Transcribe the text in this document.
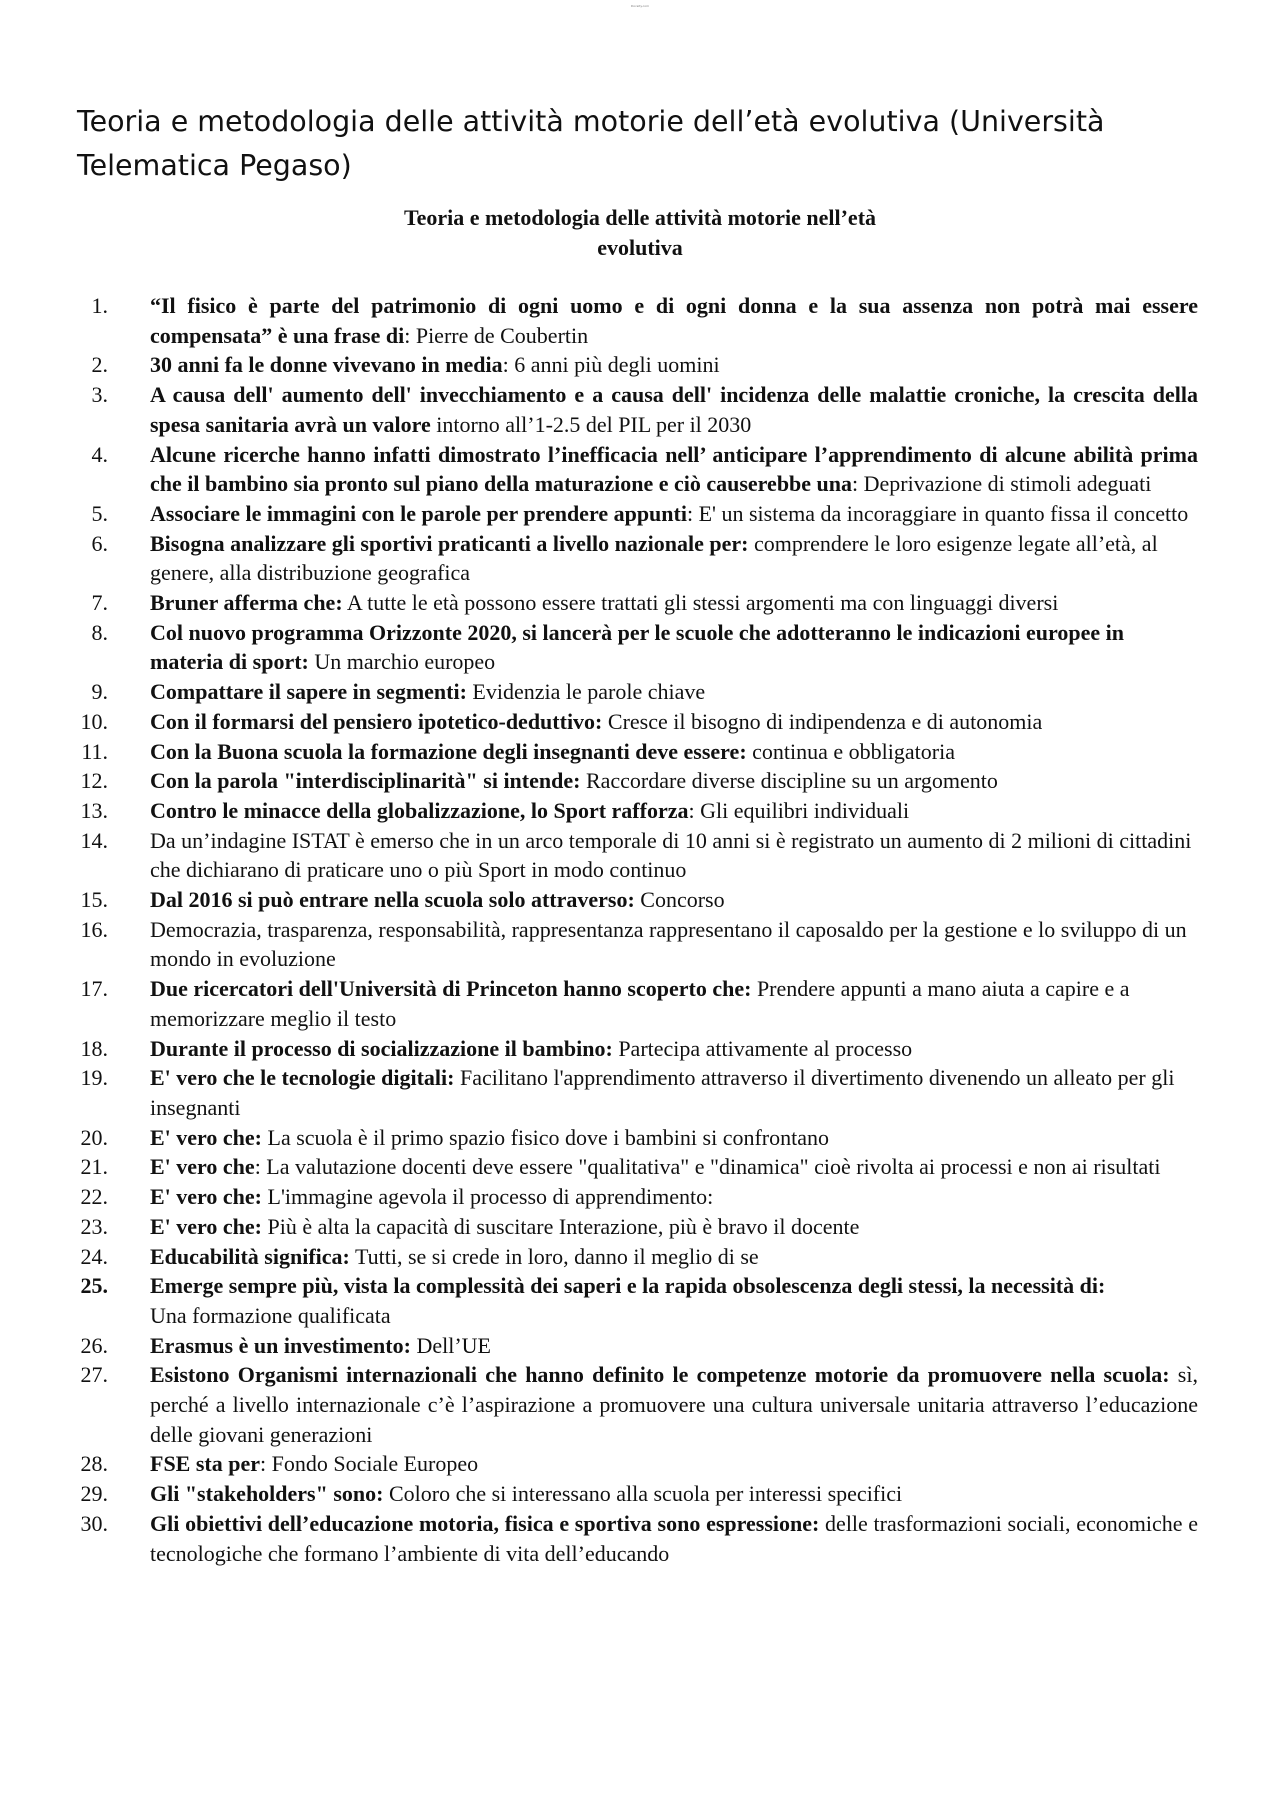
Docsity.com
Teoria e metodologia delle attività motorie dell’età evolutiva (Università Telematica Pegaso)
Teoria e metodologia delle attività motorie nell’età
evolutiva
1. “Il fisico è parte del patrimonio di ogni uomo e di ogni donna e la sua assenza non potrà mai essere compensata” è una frase di: Pierre de Coubertin
2. 30 anni fa le donne vivevano in media: 6 anni più degli uomini
3. A causa dell' aumento dell' invecchiamento e a causa dell' incidenza delle malattie croniche, la crescita della spesa sanitaria avrà un valore intorno all’1-2.5 del PIL per il 2030
4. Alcune ricerche hanno infatti dimostrato l’inefficacia nell’ anticipare l’apprendimento di alcune abilità prima che il bambino sia pronto sul piano della maturazione e ciò causerebbe una: Deprivazione di stimoli adeguati
5. Associare le immagini con le parole per prendere appunti: E' un sistema da incoraggiare in quanto fissa il concetto
6. Bisogna analizzare gli sportivi praticanti a livello nazionale per: comprendere le loro esigenze legate all’età, al genere, alla distribuzione geografica
7. Bruner afferma che: A tutte le età possono essere trattati gli stessi argomenti ma con linguaggi diversi
8. Col nuovo programma Orizzonte 2020, si lancerà per le scuole che adotteranno le indicazioni europee in materia di sport: Un marchio europeo
9. Compattare il sapere in segmenti: Evidenzia le parole chiave
10. Con il formarsi del pensiero ipotetico-deduttivo: Cresce il bisogno di indipendenza e di autonomia
11. Con la Buona scuola la formazione degli insegnanti deve essere: continua e obbligatoria
12. Con la parola "interdisciplinarità" si intende: Raccordare diverse discipline su un argomento
13. Contro le minacce della globalizzazione, lo Sport rafforza: Gli equilibri individuali
14. Da un’indagine ISTAT è emerso che in un arco temporale di 10 anni si è registrato un aumento di 2 milioni di cittadini che dichiarano di praticare uno o più Sport in modo continuo
15. Dal 2016 si può entrare nella scuola solo attraverso: Concorso
16. Democrazia, trasparenza, responsabilità, rappresentanza rappresentano il caposaldo per la gestione e lo sviluppo di un mondo in evoluzione
17. Due ricercatori dell'Università di Princeton hanno scoperto che: Prendere appunti a mano aiuta a capire e a memorizzare meglio il testo
18. Durante il processo di socializzazione il bambino: Partecipa attivamente al processo
19. E' vero che le tecnologie digitali: Facilitano l'apprendimento attraverso il divertimento divenendo un alleato per gli insegnanti
20. E' vero che: La scuola è il primo spazio fisico dove i bambini si confrontano
21. E' vero che: La valutazione docenti deve essere "qualitativa" e "dinamica" cioè rivolta ai processi e non ai risultati
22. E' vero che: L'immagine agevola il processo di apprendimento:
23. E' vero che: Più è alta la capacità di suscitare Interazione, più è bravo il docente
24. Educabilità significa: Tutti, se si crede in loro, danno il meglio di se
25. Emerge sempre più, vista la complessità dei saperi e la rapida obsolescenza degli stessi, la necessità di:
Una formazione qualificata
26. Erasmus è un investimento: Dell’UE
27. Esistono Organismi internazionali che hanno definito le competenze motorie da promuovere nella scuola: sì, perché a livello internazionale c’è l’aspirazione a promuovere una cultura universale unitaria attraverso l’educazione delle giovani generazioni
28. FSE sta per: Fondo Sociale Europeo
29. Gli "stakeholders" sono: Coloro che si interessano alla scuola per interessi specifici
30. Gli obiettivi dell’educazione motoria, fisica e sportiva sono espressione: delle trasformazioni sociali, economiche e tecnologiche che formano l’ambiente di vita dell’educando
